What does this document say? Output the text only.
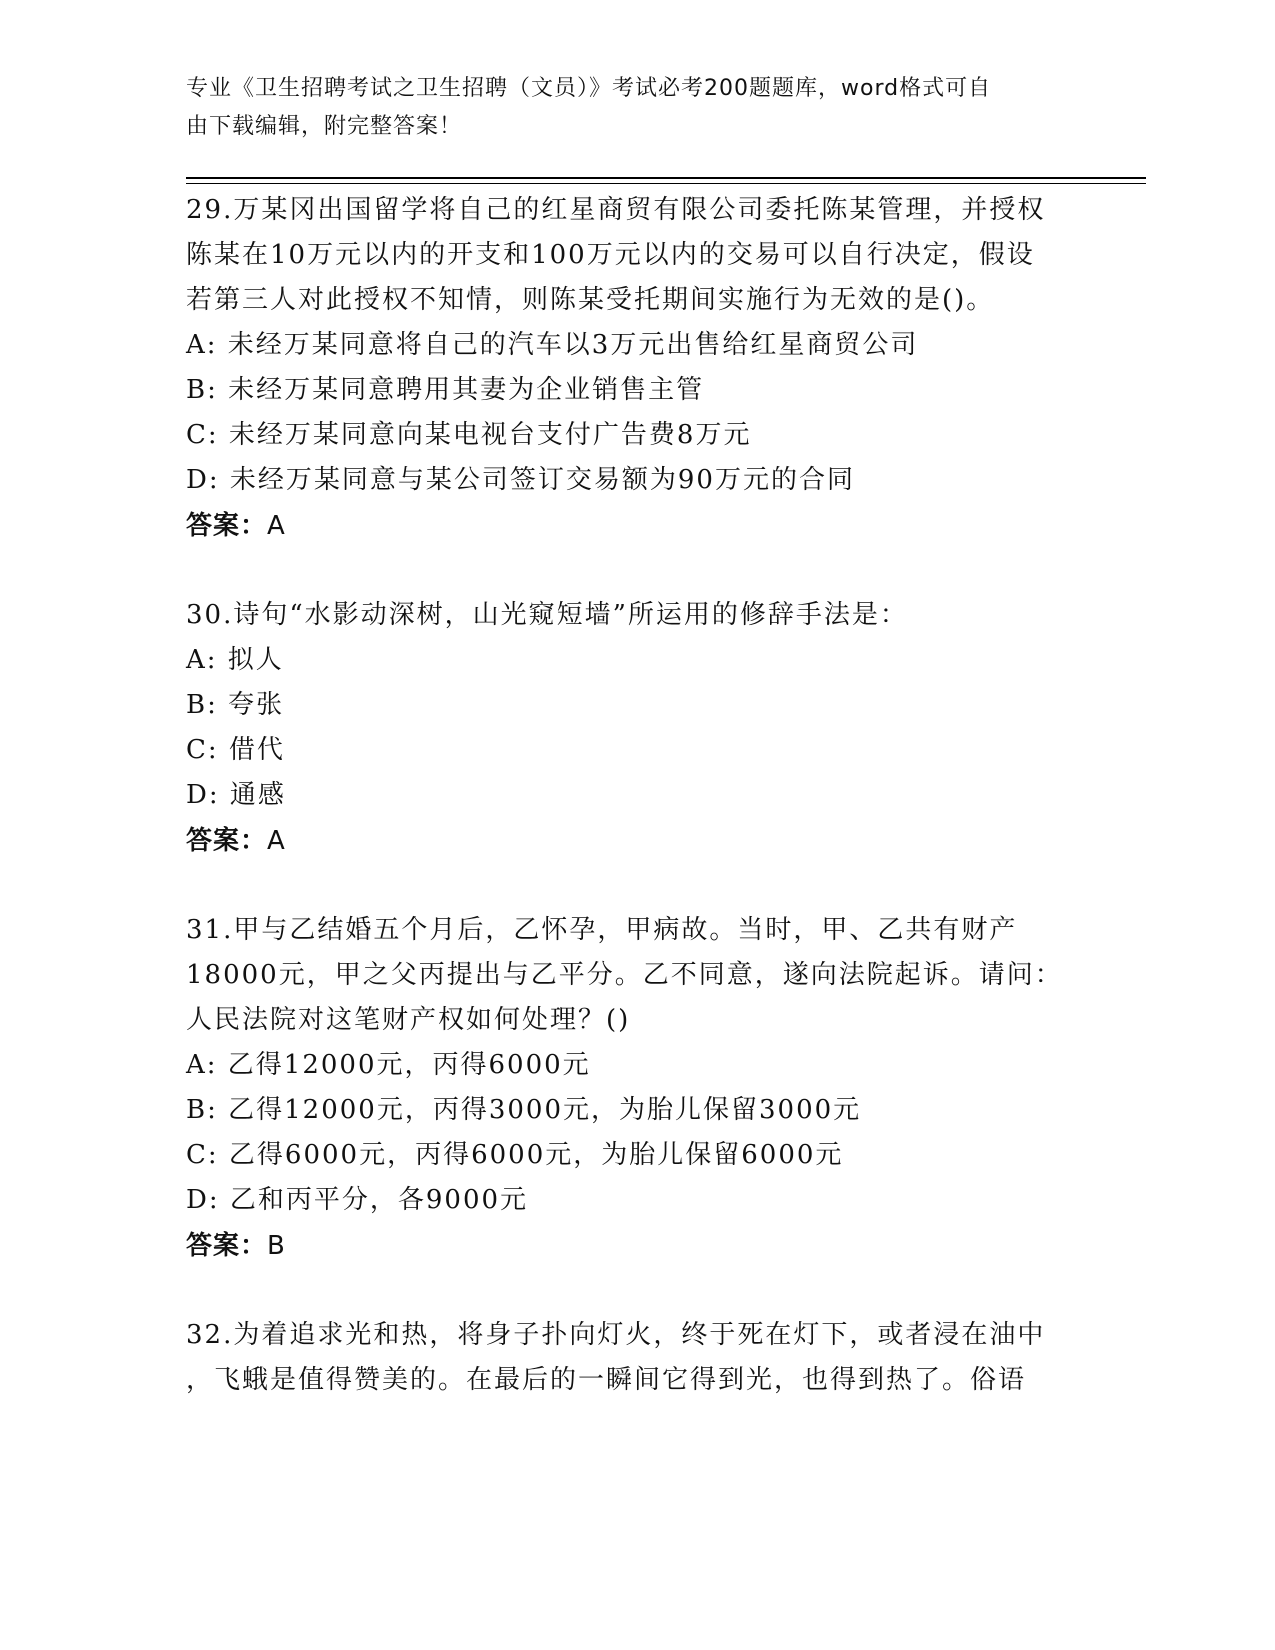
专业《卫生招聘考试之卫生招聘（文员）》考试必考200题题库，word格式可自
由下载编辑，附完整答案！
29.万某冈出国留学将自己的红星商贸有限公司委托陈某管理，并授权
陈某在10万元以内的开支和100万元以内的交易可以自行决定，假设
若第三人对此授权不知情，则陈某受托期间实施行为无效的是()。
A: 未经万某同意将自己的汽车以3万元出售给红星商贸公司
B: 未经万某同意聘用其妻为企业销售主管
C: 未经万某同意向某电视台支付广告费8万元
D: 未经万某同意与某公司签订交易额为90万元的合同
答案：A
30.诗句“水影动深树，山光窥短墙”所运用的修辞手法是：
A: 拟人
B: 夸张
C: 借代
D: 通感
答案：A
31.甲与乙结婚五个月后，乙怀孕，甲病故。当时，甲、乙共有财产
18000元，甲之父丙提出与乙平分。乙不同意，遂向法院起诉。请问：
人民法院对这笔财产权如何处理？()
A: 乙得12000元，丙得6000元
B: 乙得12000元，丙得3000元，为胎儿保留3000元
C: 乙得6000元，丙得6000元，为胎儿保留6000元
D: 乙和丙平分，各9000元
答案：B
32.为着追求光和热，将身子扑向灯火，终于死在灯下，或者浸在油中
，飞蛾是值得赞美的。在最后的一瞬间它得到光，也得到热了。俗语
